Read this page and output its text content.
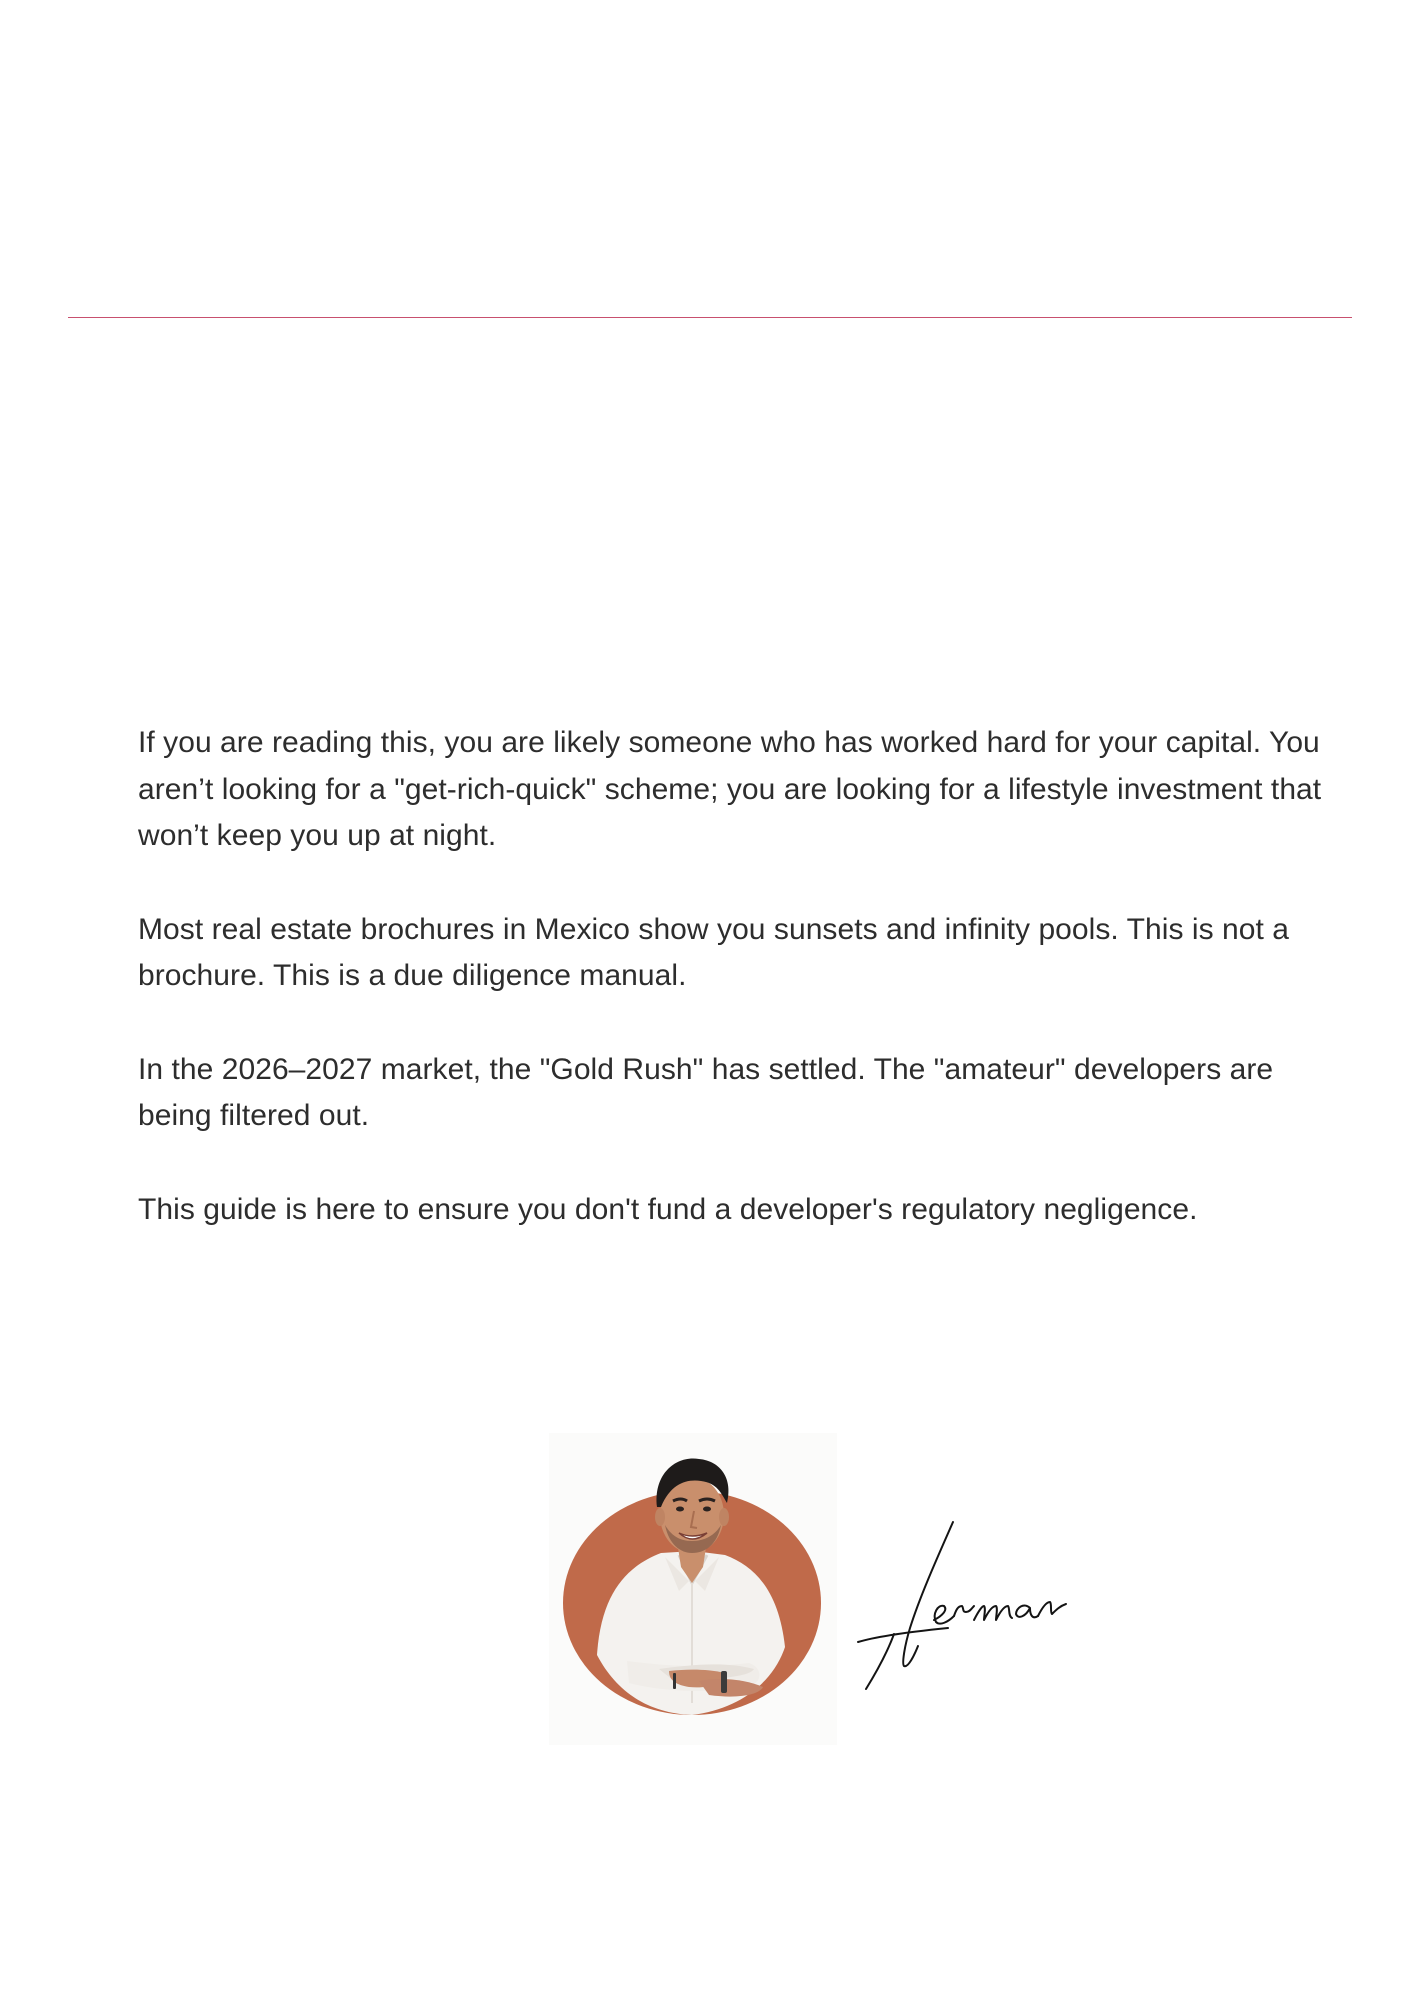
If you are reading this, you are likely someone who has worked hard for your capital. You aren’t looking for a "get-rich-quick" scheme; you are looking for a lifestyle investment that won’t keep you up at night.

Most real estate brochures in Mexico show you sunsets and infinity pools. This is not a brochure. This is a due diligence manual.

In the 2026–2027 market, the "Gold Rush" has settled. The "amateur" developers are being filtered out.

This guide is here to ensure you don't fund a developer's regulatory negligence.
